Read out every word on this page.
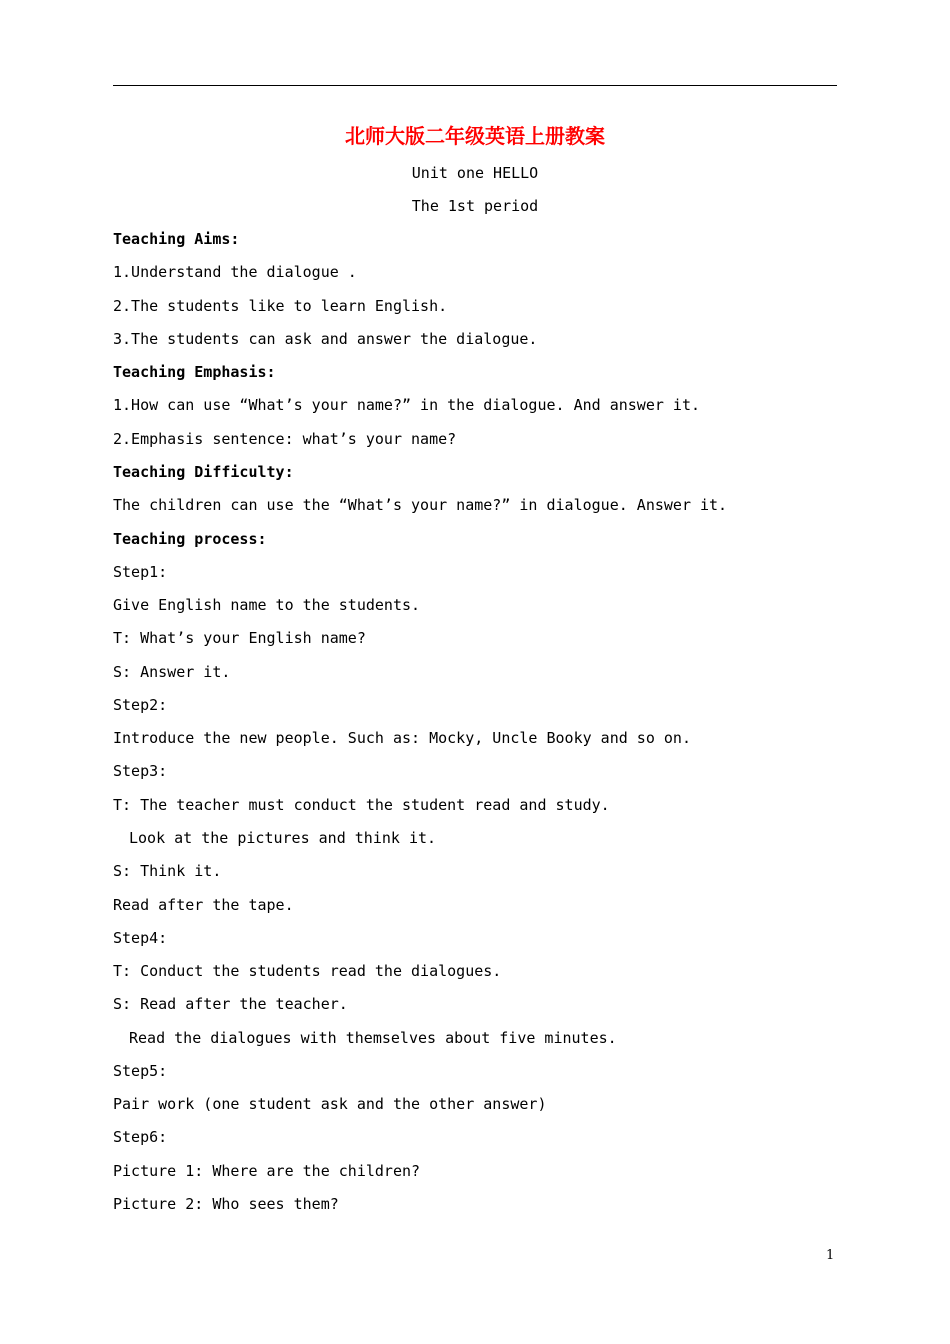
北师大版二年级英语上册教案
Unit one HELLO
The 1st period
Teaching Aims:
1.Understand the dialogue .
2.The students like to learn English.
3.The students can ask and answer the dialogue.
Teaching Emphasis:
1.How can use “What’s your name?” in the dialogue. And answer it.
2.Emphasis sentence: what’s your name?
Teaching Difficulty:
The children can use the “What’s your name?” in dialogue. Answer it.
Teaching process:
Step1:
Give English name to the students.
T: What’s your English name?
S: Answer it.
Step2:
Introduce the new people. Such as: Mocky, Uncle Booky and so on.
Step3:
T: The teacher must conduct the student read and study.
Look at the pictures and think it.
S: Think it.
Read after the tape.
Step4:
T: Conduct the students read the dialogues.
S: Read after the teacher.
Read the dialogues with themselves about five minutes.
Step5:
Pair work (one student ask and the other answer)
Step6:
Picture 1: Where are the children?
Picture 2: Who sees them?
1
